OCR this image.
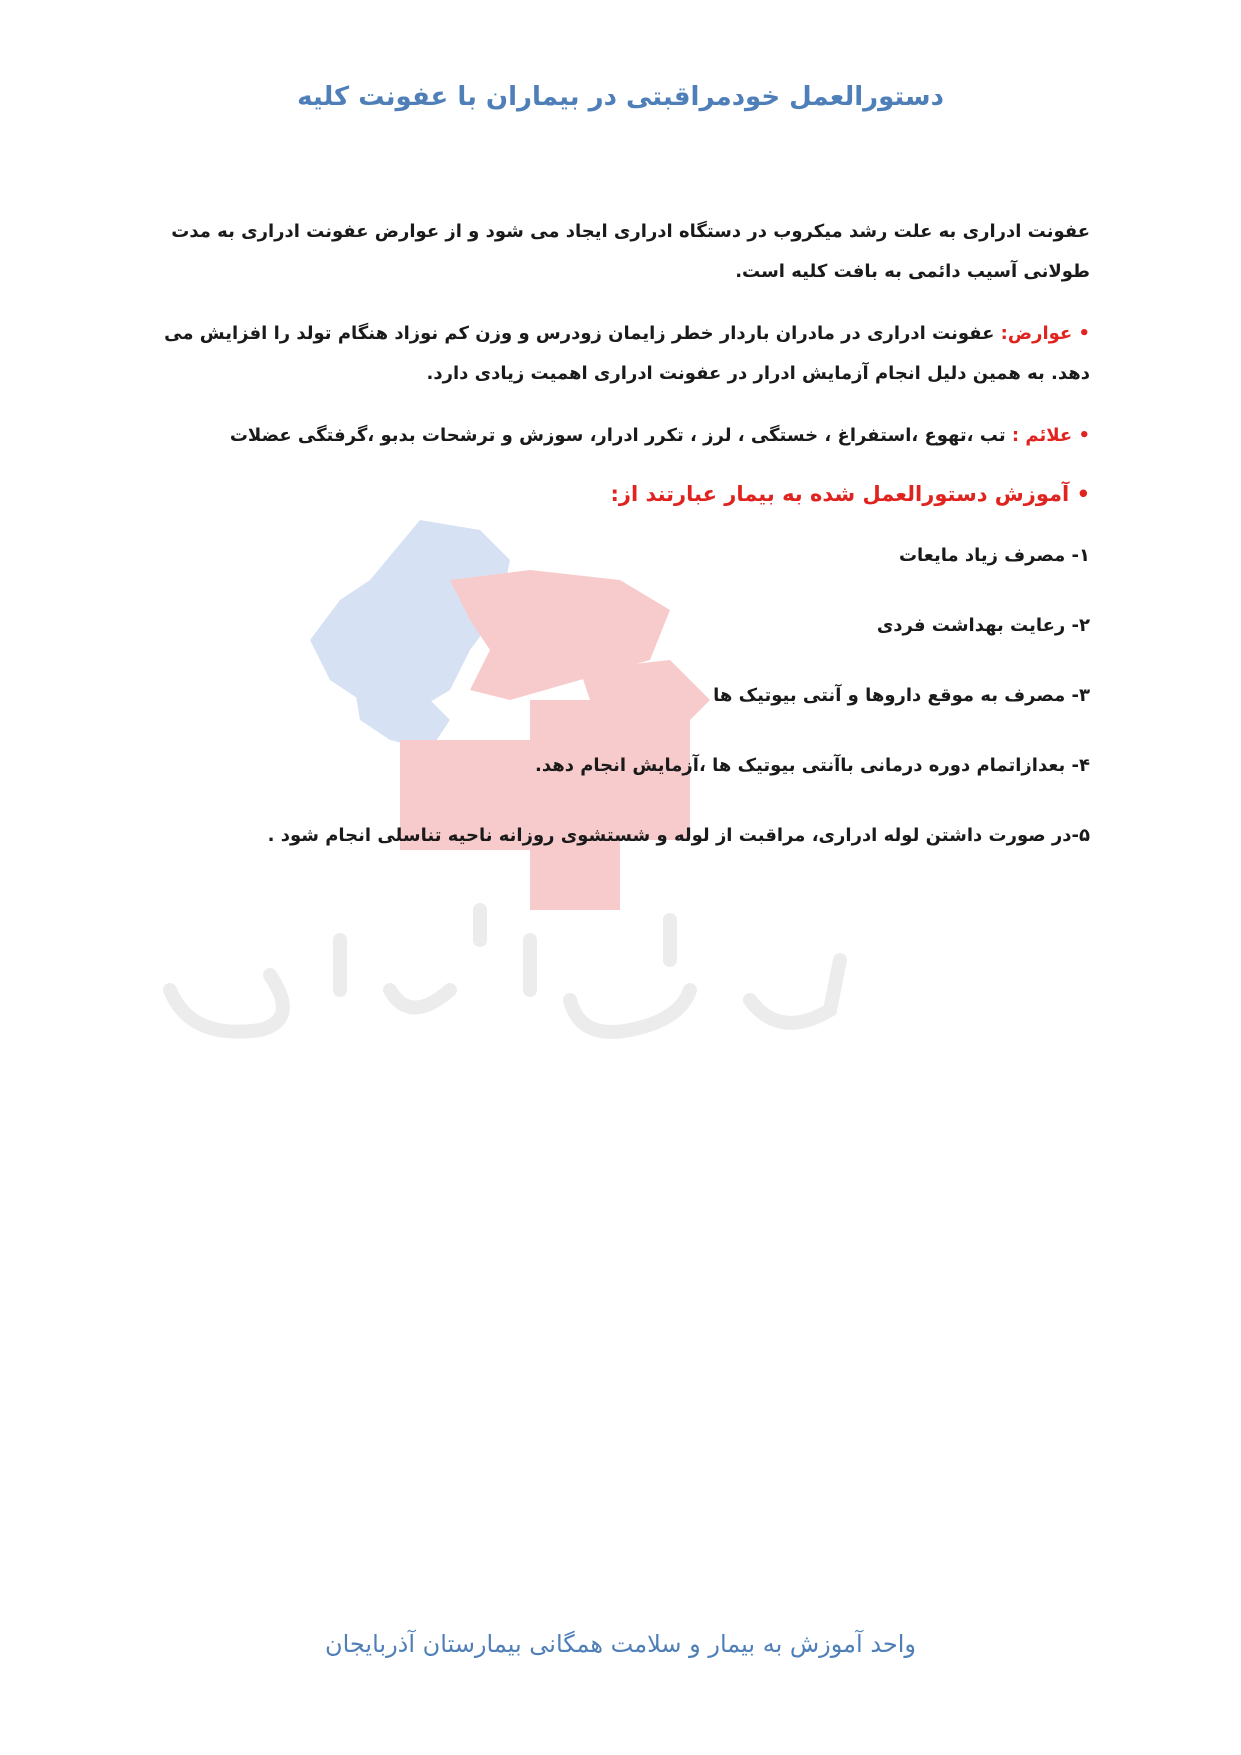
دستورالعمل خودمراقبتی در بیماران با عفونت کلیه

عفونت ادراری به علت رشد میکروب در دستگاه ادراری ایجاد می شود و از عوارض عفونت ادراری به مدت طولانی آسیب دائمی به بافت کلیه است.

• عوارض: عفونت ادراری در مادران باردار خطر زایمان زودرس و وزن کم نوزاد هنگام تولد را افزایش می دهد. به همین دلیل انجام آزمایش ادرار در عفونت ادراری اهمیت زیادی دارد.

• علائم : تب ،تهوع ،استفراغ ، خستگی ، لرز ، تکرر ادرار، سوزش و ترشحات بدبو ،گرفتگی عضلات

• آموزش دستورالعمل شده به بیمار عبارتند از:

۱- مصرف زیاد مایعات

۲- رعایت بهداشت فردی

۳- مصرف به موقع داروها و آنتی بیوتیک ها

۴- بعدازاتمام دوره درمانی باآنتی بیوتیک ها ،آزمایش انجام دهد.

۵-در صورت داشتن لوله ادراری، مراقبت از لوله و شستشوی روزانه ناحیه تناسلی انجام شود .

واحد آموزش به بیمار و سلامت همگانی بیمارستان آذربایجان
